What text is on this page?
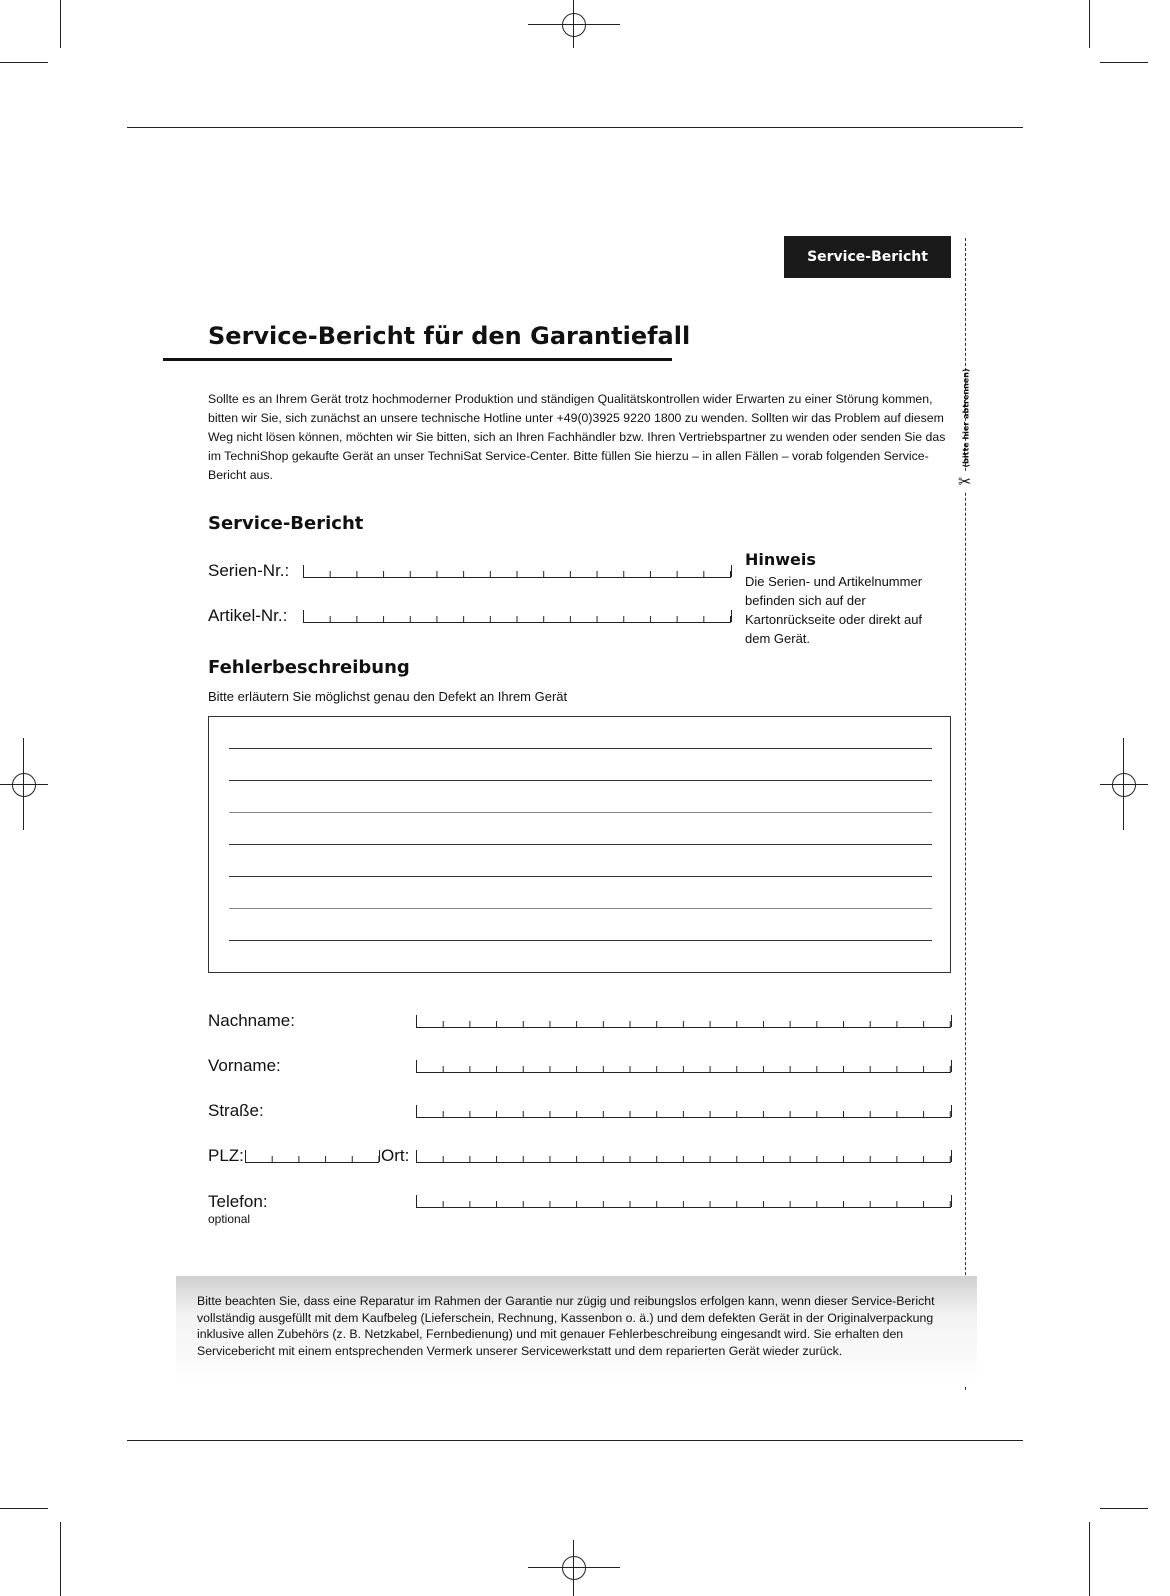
Service-Bericht
(bitte hier abtrennen)
✂
Service-Bericht für den Garantiefall
Sollte es an Ihrem Gerät trotz hochmoderner Produktion und ständigen Qualitätskontrollen wider Erwarten zu einer Störung kommen, bitten wir Sie, sich zunächst an unsere technische Hotline unter +49(0)3925 9220 1800 zu wenden. Sollten wir das Problem auf diesem Weg nicht lösen können, möchten wir Sie bitten, sich an Ihren Fachhändler bzw. Ihren Vertriebspartner zu wenden oder senden Sie das im TechniShop gekaufte Gerät an unser TechniSat Service-Center. Bitte füllen Sie hierzu – in allen Fällen – vorab folgenden Service-Bericht aus.
Service-Bericht
Serien-Nr.:
Artikel-Nr.:
Hinweis
Die Serien- und Artikelnummer befinden sich auf der Kartonrückseite oder direkt auf dem Gerät.
Fehlerbeschreibung
Bitte erläutern Sie möglichst genau den Defekt an Ihrem Gerät
Nachname:
Vorname:
Straße:
PLZ:	Ort:
Telefon:
optional
Bitte beachten Sie, dass eine Reparatur im Rahmen der Garantie nur zügig und reibungslos erfolgen kann, wenn dieser Service-Bericht vollständig ausgefüllt mit dem Kaufbeleg (Lieferschein, Rechnung, Kassenbon o. ä.) und dem defekten Gerät in der Originalverpackung inklusive allen Zubehörs (z. B. Netzkabel, Fernbedienung) und mit genauer Fehlerbeschreibung eingesandt wird. Sie erhalten den Servicebericht mit einem entsprechenden Vermerk unserer Servicewerkstatt und dem reparierten Gerät wieder zurück.
